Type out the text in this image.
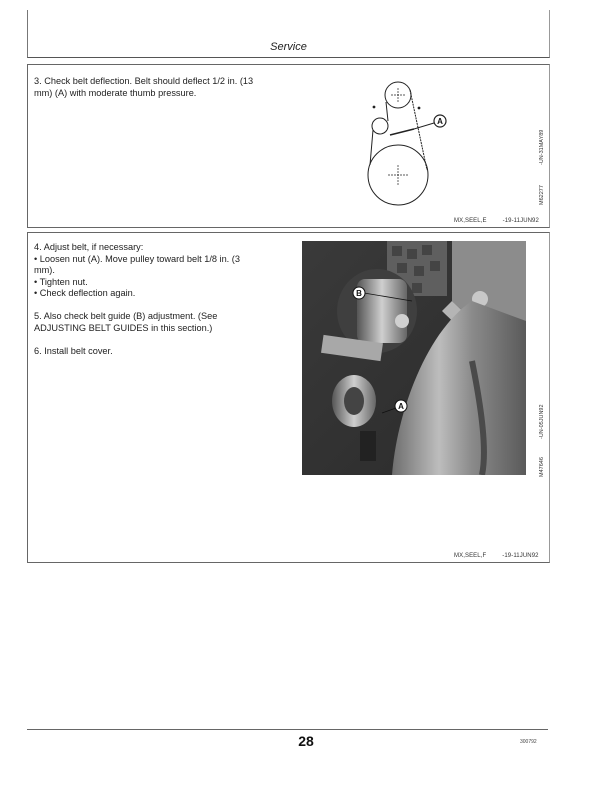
Service

3. Check belt deflection. Belt should deflect 1/2 in. (13

mm) (A) with moderate thumb pressure.

A
M62277
-UN-31MAY89
MX,SEEL,E	-19-11JUN92

4. Adjust belt, if necessary:

• Loosen nut (A). Move pulley toward belt 1/8 in. (3

mm).

• Tighten nut.

• Check deflection again.

5. Also check belt guide (B) adjustment. (See

ADJUSTING BELT GUIDES in this section.)

6. Install belt cover.

B
A
M47646
-UN-05JUN92
MX,SEEL,F	-19-11JUN92
28	300792
